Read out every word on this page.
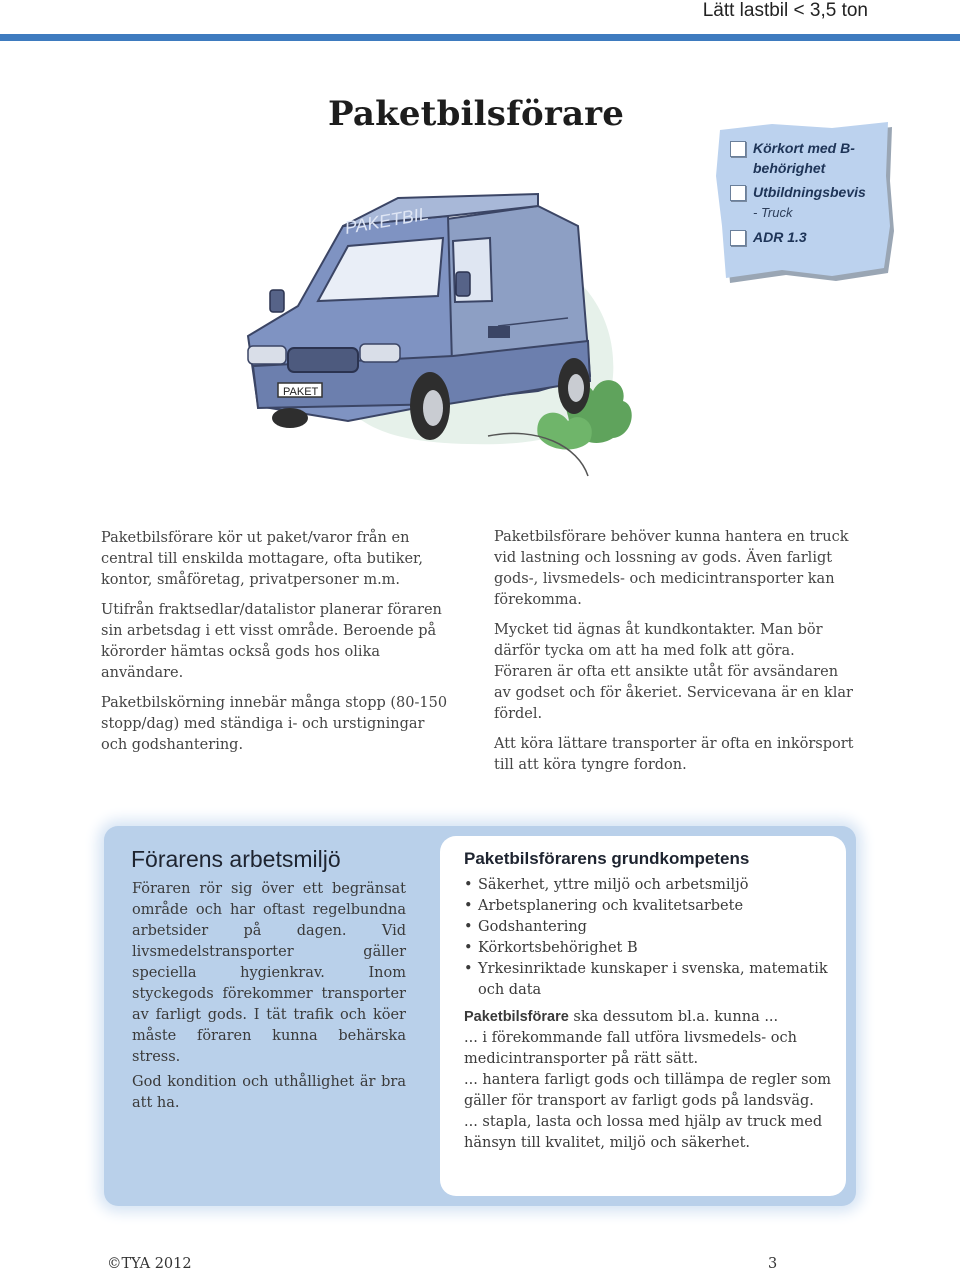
Lätt lastbil < 3,5 ton
Paketbilsförare
Körkort med B-behörighet
Utbildningsbevis
- Truck
ADR 1.3
PAKETBIL
PAKET

Paketbilsförare kör ut paket/varor från en central till enskilda mottagare, ofta butiker, kontor, småföretag, privatpersoner m.m.

Utifrån fraktsedlar/datalistor planerar föraren sin arbetsdag i ett visst område. Beroende på körorder hämtas också gods hos olika användare.

Paketbilskörning innebär många stopp (80-150 stopp/dag) med ständiga i- och urstigningar och godshantering.

Paketbilsförare behöver kunna hantera en truck vid lastning och lossning av gods. Även farligt gods-, livsmedels- och medicintransporter kan förekomma.

Mycket tid ägnas åt kundkontakter. Man bör därför tycka om att ha med folk att göra. Föraren är ofta ett ansikte utåt för avsändaren av godset och för åkeriet. Servicevana är en klar fördel.

Att köra lättare transporter är ofta en inkörsport till att köra tyngre fordon.

Förarens arbetsmiljö

Föraren rör sig över ett begränsat område och har oftast regelbundna arbetsider på dagen. Vid livsmedelstransporter gäller speciella hygienkrav. Inom styckegods förekommer transporter av farligt gods. I tät trafik och köer måste föraren kunna behärska stress.

God kondition och uthållighet är bra att ha.

Paketbilsförarens grundkompetens
• Säkerhet, yttre miljö och arbetsmiljö
• Arbetsplanering och kvalitetsarbete
• Godshantering
• Körkortsbehörighet B
• Yrkesinriktade kunskaper i svenska, matematik och data

Paketbilsförare ska dessutom bl.a. kunna ...

... i förekommande fall utföra livsmedels- och medicintransporter på rätt sätt.

... hantera farligt gods och tillämpa de regler som gäller för transport av farligt gods på landsväg.

... stapla, lasta och lossa med hjälp av truck med hänsyn till kvalitet, miljö och säkerhet.

©TYA 2012	3
